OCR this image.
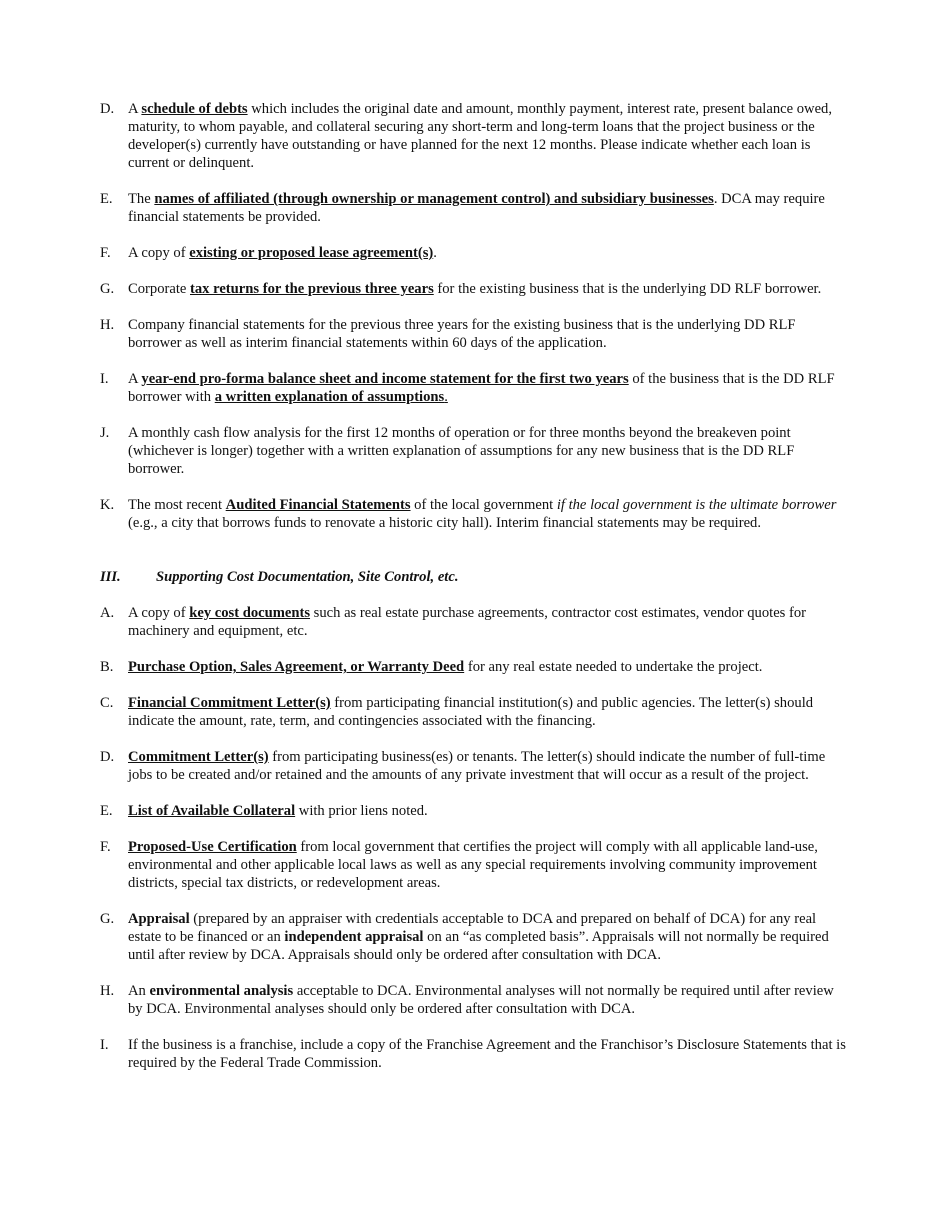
D. A schedule of debts which includes the original date and amount, monthly payment, interest rate, present balance owed, maturity, to whom payable, and collateral securing any short-term and long-term loans that the project business or the developer(s) currently have outstanding or have planned for the next 12 months. Please indicate whether each loan is current or delinquent.
E. The names of affiliated (through ownership or management control) and subsidiary businesses. DCA may require financial statements be provided.
F. A copy of existing or proposed lease agreement(s).
G. Corporate tax returns for the previous three years for the existing business that is the underlying DD RLF borrower.
H. Company financial statements for the previous three years for the existing business that is the underlying DD RLF borrower as well as interim financial statements within 60 days of the application.
I. A year-end pro-forma balance sheet and income statement for the first two years of the business that is the DD RLF borrower with a written explanation of assumptions.
J. A monthly cash flow analysis for the first 12 months of operation or for three months beyond the breakeven point (whichever is longer) together with a written explanation of assumptions for any new business that is the DD RLF borrower.
K. The most recent Audited Financial Statements of the local government if the local government is the ultimate borrower (e.g., a city that borrows funds to renovate a historic city hall). Interim financial statements may be required.
III. Supporting Cost Documentation, Site Control, etc.
A. A copy of key cost documents such as real estate purchase agreements, contractor cost estimates, vendor quotes for machinery and equipment, etc.
B. Purchase Option, Sales Agreement, or Warranty Deed for any real estate needed to undertake the project.
C. Financial Commitment Letter(s) from participating financial institution(s) and public agencies. The letter(s) should indicate the amount, rate, term, and contingencies associated with the financing.
D. Commitment Letter(s) from participating business(es) or tenants. The letter(s) should indicate the number of full-time jobs to be created and/or retained and the amounts of any private investment that will occur as a result of the project.
E. List of Available Collateral with prior liens noted.
F. Proposed-Use Certification from local government that certifies the project will comply with all applicable land-use, environmental and other applicable local laws as well as any special requirements involving community improvement districts, special tax districts, or redevelopment areas.
G. Appraisal (prepared by an appraiser with credentials acceptable to DCA and prepared on behalf of DCA) for any real estate to be financed or an independent appraisal on an “as completed basis”. Appraisals will not normally be required until after review by DCA. Appraisals should only be ordered after consultation with DCA.
H. An environmental analysis acceptable to DCA. Environmental analyses will not normally be required until after review by DCA. Environmental analyses should only be ordered after consultation with DCA.
I. If the business is a franchise, include a copy of the Franchise Agreement and the Franchisor’s Disclosure Statements that is required by the Federal Trade Commission.
